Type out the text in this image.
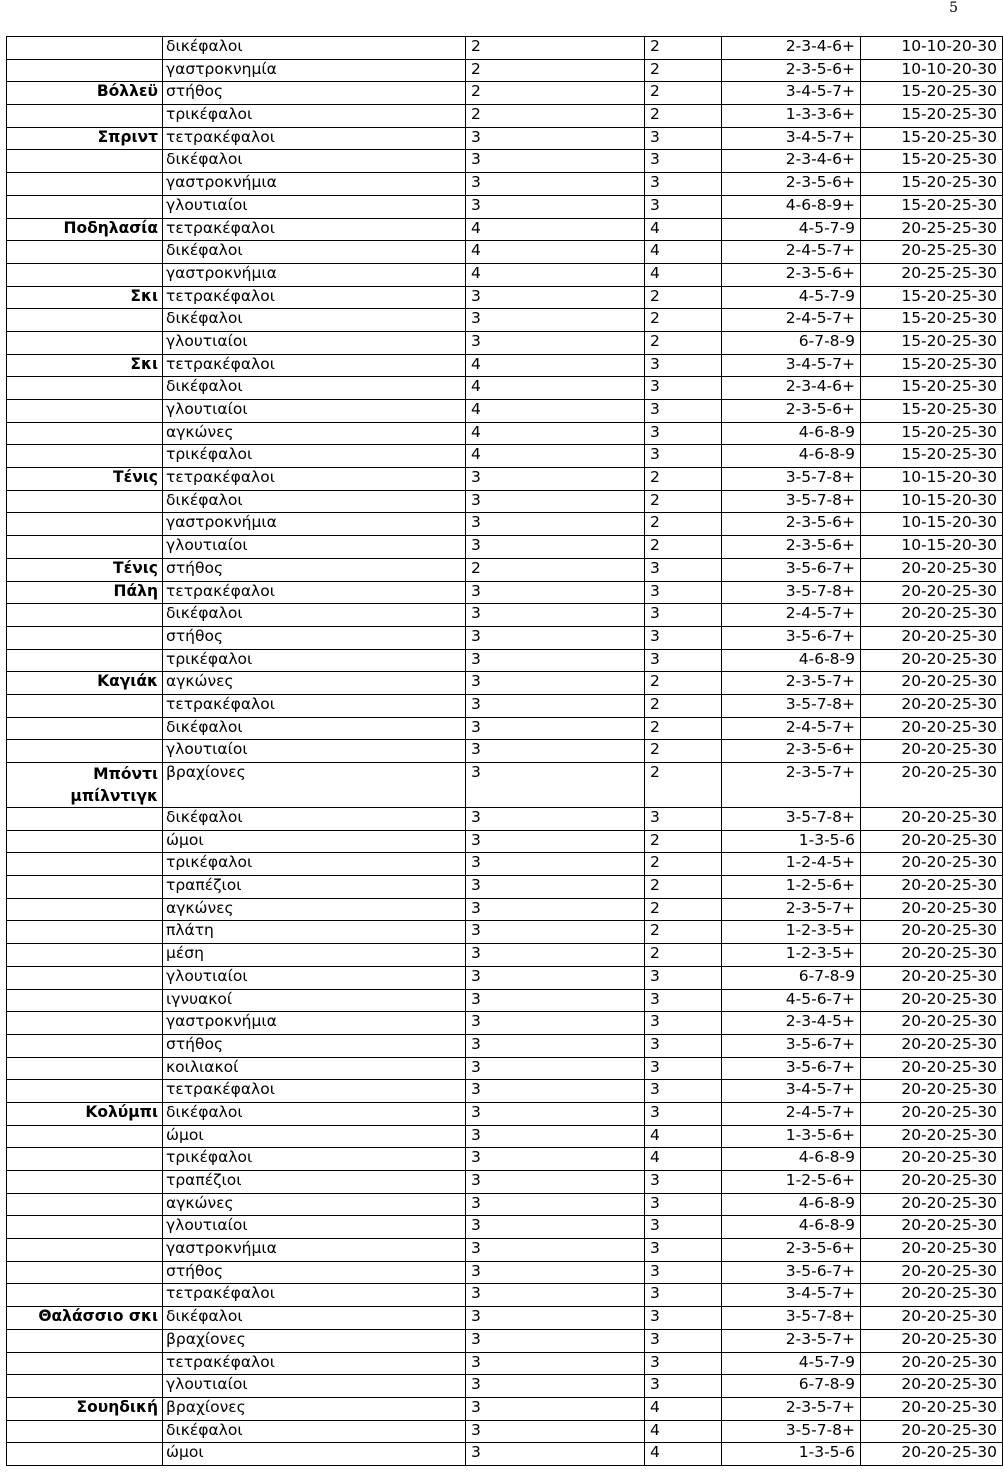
5
	δικέφαλοι	2	2	2-3-4-6+	10-10-20-30
	γαστροκνημία	2	2	2-3-5-6+	10-10-20-30
Βόλλεϋ	στήθος	2	2	3-4-5-7+	15-20-25-30
	τρικέφαλοι	2	2	1-3-3-6+	15-20-25-30
Σπριντ	τετρακέφαλοι	3	3	3-4-5-7+	15-20-25-30
	δικέφαλοι	3	3	2-3-4-6+	15-20-25-30
	γαστροκνήμια	3	3	2-3-5-6+	15-20-25-30
	γλουτιαίοι	3	3	4-6-8-9+	15-20-25-30
Ποδηλασία	τετρακέφαλοι	4	4	4-5-7-9	20-25-25-30
	δικέφαλοι	4	4	2-4-5-7+	20-25-25-30
	γαστροκνήμια	4	4	2-3-5-6+	20-25-25-30
Σκι	τετρακέφαλοι	3	2	4-5-7-9	15-20-25-30
	δικέφαλοι	3	2	2-4-5-7+	15-20-25-30
	γλουτιαίοι	3	2	6-7-8-9	15-20-25-30
Σκι	τετρακέφαλοι	4	3	3-4-5-7+	15-20-25-30
	δικέφαλοι	4	3	2-3-4-6+	15-20-25-30
	γλουτιαίοι	4	3	2-3-5-6+	15-20-25-30
	αγκώνες	4	3	4-6-8-9	15-20-25-30
	τρικέφαλοι	4	3	4-6-8-9	15-20-25-30
Τένις	τετρακέφαλοι	3	2	3-5-7-8+	10-15-20-30
	δικέφαλοι	3	2	3-5-7-8+	10-15-20-30
	γαστροκνήμια	3	2	2-3-5-6+	10-15-20-30
	γλουτιαίοι	3	2	2-3-5-6+	10-15-20-30
Τένις	στήθος	2	3	3-5-6-7+	20-20-25-30
Πάλη	τετρακέφαλοι	3	3	3-5-7-8+	20-20-25-30
	δικέφαλοι	3	3	2-4-5-7+	20-20-25-30
	στήθος	3	3	3-5-6-7+	20-20-25-30
	τρικέφαλοι	3	3	4-6-8-9	20-20-25-30
Καγιάκ	αγκώνες	3	2	2-3-5-7+	20-20-25-30
	τετρακέφαλοι	3	2	3-5-7-8+	20-20-25-30
	δικέφαλοι	3	2	2-4-5-7+	20-20-25-30
	γλουτιαίοι	3	2	2-3-5-6+	20-20-25-30
Μπόντι μπίλντιγκ	βραχίονες	3	2	2-3-5-7+	20-20-25-30
	δικέφαλοι	3	3	3-5-7-8+	20-20-25-30
	ώμοι	3	2	1-3-5-6	20-20-25-30
	τρικέφαλοι	3	2	1-2-4-5+	20-20-25-30
	τραπέζιοι	3	2	1-2-5-6+	20-20-25-30
	αγκώνες	3	2	2-3-5-7+	20-20-25-30
	πλάτη	3	2	1-2-3-5+	20-20-25-30
	μέση	3	2	1-2-3-5+	20-20-25-30
	γλουτιαίοι	3	3	6-7-8-9	20-20-25-30
	ιγνυακοί	3	3	4-5-6-7+	20-20-25-30
	γαστροκνήμια	3	3	2-3-4-5+	20-20-25-30
	στήθος	3	3	3-5-6-7+	20-20-25-30
	κοιλιακοί	3	3	3-5-6-7+	20-20-25-30
	τετρακέφαλοι	3	3	3-4-5-7+	20-20-25-30
Κολύμπι	δικέφαλοι	3	3	2-4-5-7+	20-20-25-30
	ώμοι	3	4	1-3-5-6+	20-20-25-30
	τρικέφαλοι	3	4	4-6-8-9	20-20-25-30
	τραπέζιοι	3	3	1-2-5-6+	20-20-25-30
	αγκώνες	3	3	4-6-8-9	20-20-25-30
	γλουτιαίοι	3	3	4-6-8-9	20-20-25-30
	γαστροκνήμια	3	3	2-3-5-6+	20-20-25-30
	στήθος	3	3	3-5-6-7+	20-20-25-30
	τετρακέφαλοι	3	3	3-4-5-7+	20-20-25-30
Θαλάσσιο σκι	δικέφαλοι	3	3	3-5-7-8+	20-20-25-30
	βραχίονες	3	3	2-3-5-7+	20-20-25-30
	τετρακέφαλοι	3	3	4-5-7-9	20-20-25-30
	γλουτιαίοι	3	3	6-7-8-9	20-20-25-30
Σουηδική	βραχίονες	3	4	2-3-5-7+	20-20-25-30
	δικέφαλοι	3	4	3-5-7-8+	20-20-25-30
	ώμοι	3	4	1-3-5-6	20-20-25-30
